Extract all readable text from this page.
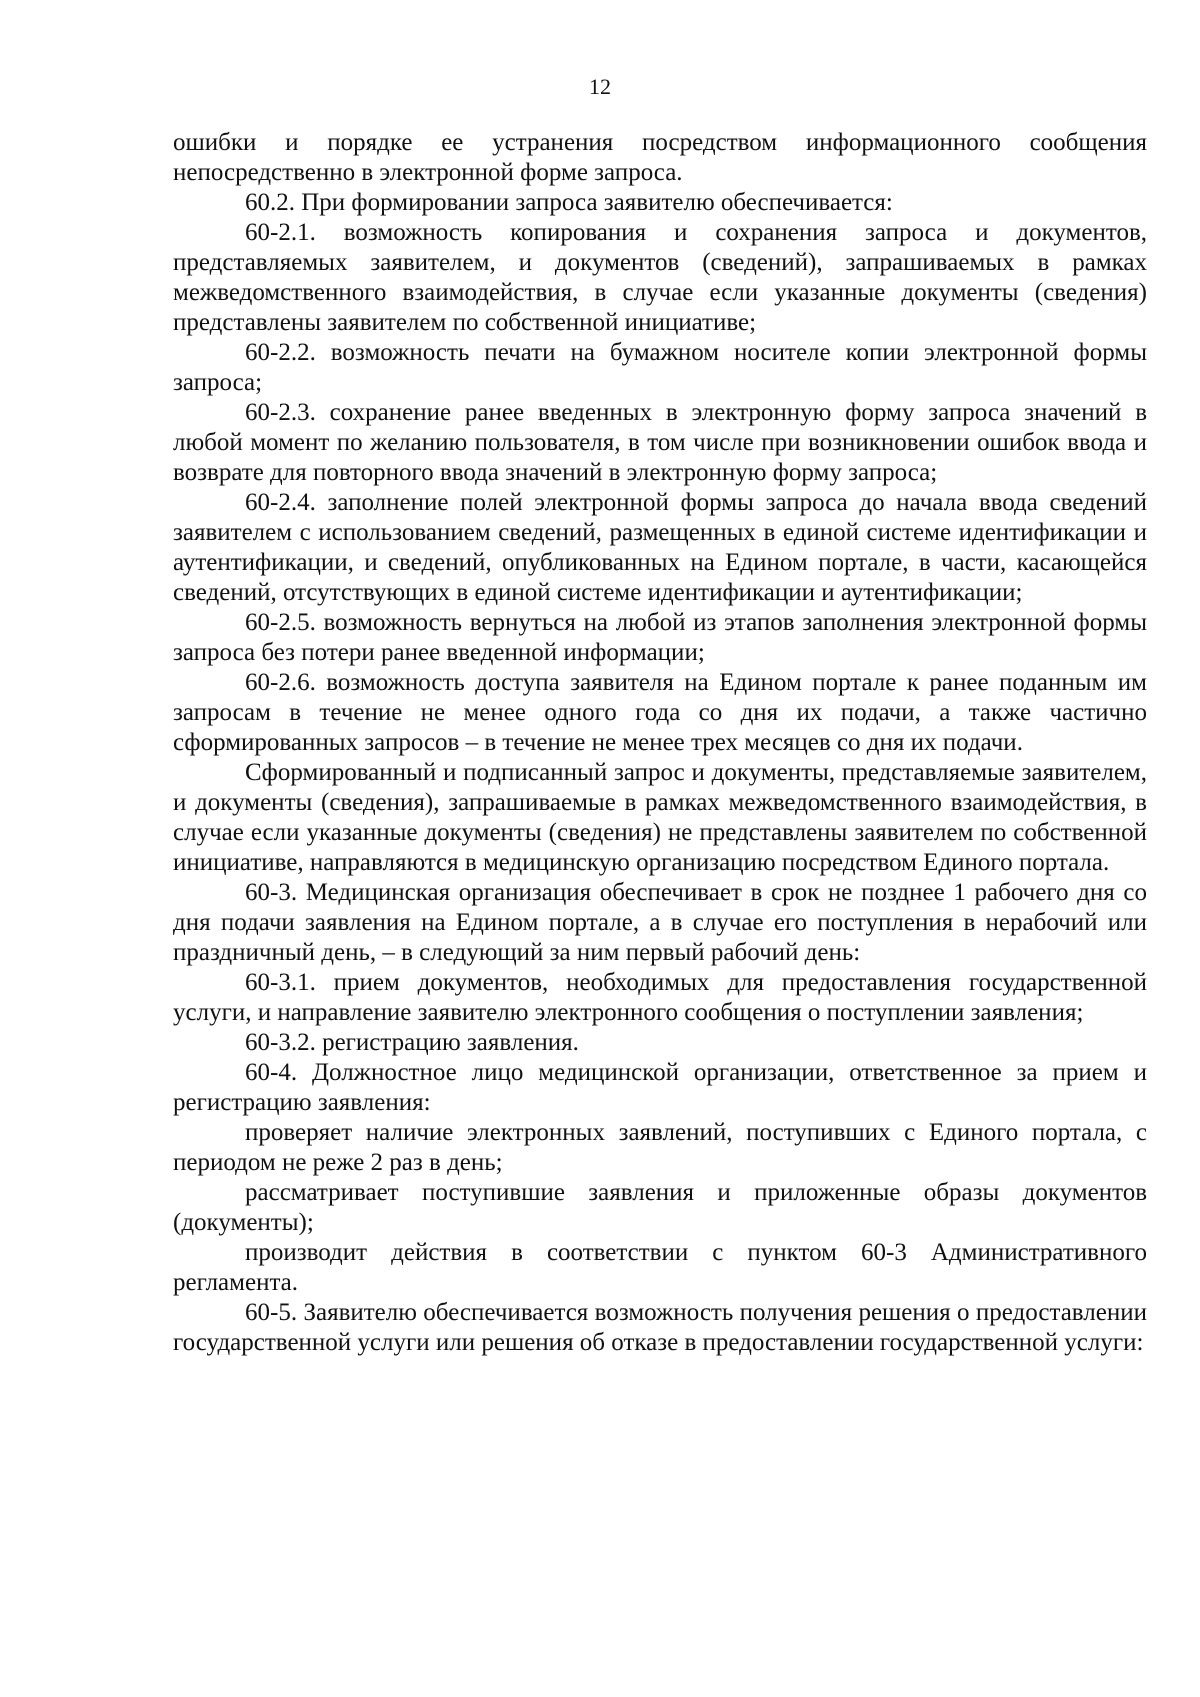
12

ошибки и порядке ее устранения посредством информационного сообщения непосредственно в электронной форме запроса.

60.2. При формировании запроса заявителю обеспечивается:

60-2.1. возможность копирования и сохранения запроса и документов, представляемых заявителем, и документов (сведений), запрашиваемых в рамках межведомственного взаимодействия, в случае если указанные документы (сведения) представлены заявителем по собственной инициативе;

60-2.2. возможность печати на бумажном носителе копии электронной формы запроса;

60-2.3. сохранение ранее введенных в электронную форму запроса значений в любой момент по желанию пользователя, в том числе при возникновении ошибок ввода и возврате для повторного ввода значений в электронную форму запроса;

60-2.4. заполнение полей электронной формы запроса до начала ввода сведений заявителем с использованием сведений, размещенных в единой системе идентификации и аутентификации, и сведений, опубликованных на Едином портале, в части, касающейся сведений, отсутствующих в единой системе идентификации и аутентификации;

60-2.5. возможность вернуться на любой из этапов заполнения электронной формы запроса без потери ранее введенной информации;

60-2.6. возможность доступа заявителя на Едином портале к ранее поданным им запросам в течение не менее одного года со дня их подачи, а также частично сформированных запросов – в течение не менее трех месяцев со дня их подачи.

Сформированный и подписанный запрос и документы, представляемые заявителем, и документы (сведения), запрашиваемые в рамках межведомственного взаимодействия, в случае если указанные документы (сведения) не представлены заявителем по собственной инициативе, направляются в медицинскую организацию посредством Единого портала.

60-3. Медицинская организация обеспечивает в срок не позднее 1 рабочего дня со дня подачи заявления на Едином портале, а в случае его поступления в нерабочий или праздничный день, – в следующий за ним первый рабочий день:

60-3.1. прием документов, необходимых для предоставления государственной услуги, и направление заявителю электронного сообщения о поступлении заявления;

60-3.2. регистрацию заявления.

60-4. Должностное лицо медицинской организации, ответственное за прием и регистрацию заявления:

проверяет наличие электронных заявлений, поступивших с Единого портала, с периодом не реже 2 раз в день;

рассматривает поступившие заявления и приложенные образы документов (документы);

производит действия в соответствии с пунктом 60-3 Административного регламента.

60-5. Заявителю обеспечивается возможность получения решения о предоставлении государственной услуги или решения об отказе в предоставлении государственной услуги:
